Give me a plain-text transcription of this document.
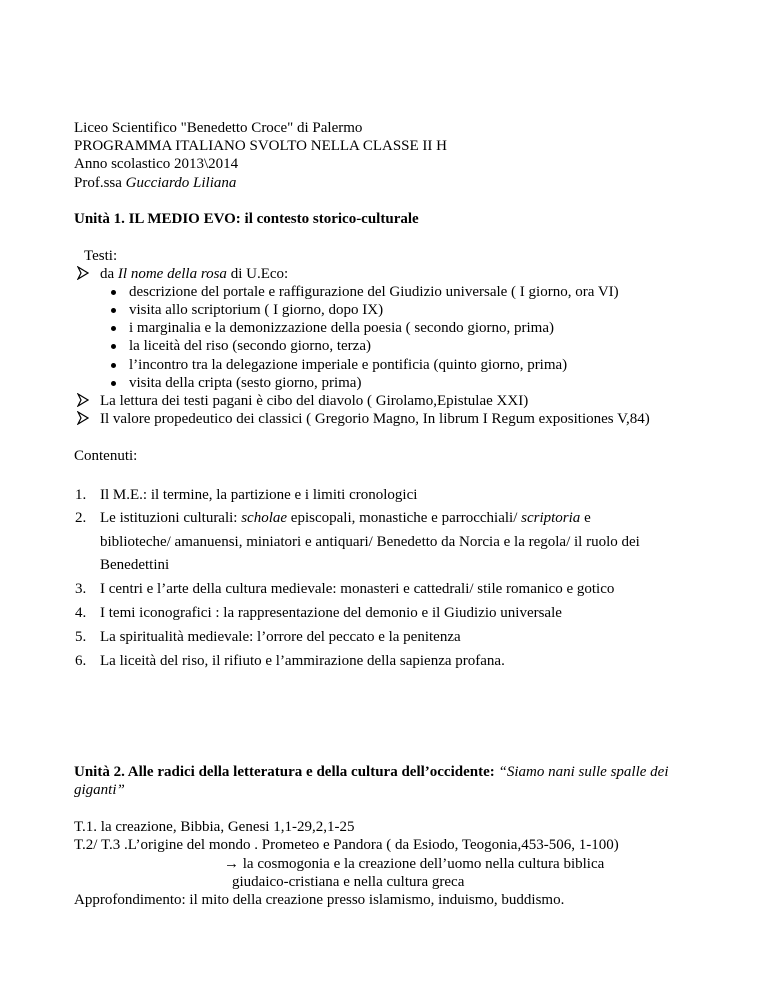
Liceo Scientifico "Benedetto Croce" di Palermo
PROGRAMMA ITALIANO SVOLTO NELLA CLASSE II H
Anno scolastico 2013\2014
Prof.ssa Gucciardo Liliana
Unità 1. IL MEDIO EVO: il contesto storico-culturale
Testi:
da Il nome della rosa di U.Eco:
descrizione del portale e raffigurazione del Giudizio universale ( I giorno, ora VI)
visita allo scriptorium ( I giorno, dopo IX)
i marginalia e la demonizzazione della poesia ( secondo giorno, prima)
la liceità del riso (secondo giorno, terza)
l’incontro tra la delegazione imperiale e pontificia (quinto giorno, prima)
visita della cripta (sesto giorno, prima)
La lettura dei testi pagani è cibo del diavolo ( Girolamo,Epistulae XXI)
Il valore propedeutico dei classici ( Gregorio Magno, In librum I Regum expositiones V,84)
Contenuti:
1. Il M.E.: il termine, la partizione e i limiti cronologici
2. Le istituzioni culturali: scholae episcopali, monastiche e parrocchiali/ scriptoria e
biblioteche/ amanuensi, miniatori e antiquari/ Benedetto da Norcia e la regola/ il ruolo dei
Benedettini
3. I centri e l’arte della cultura medievale: monasteri e cattedrali/ stile romanico e gotico
4. I temi iconografici : la rappresentazione del demonio e il Giudizio universale
5. La spiritualità medievale: l’orrore del peccato e la penitenza
6. La liceità del riso, il rifiuto e l’ammirazione della sapienza profana.
Unità 2. Alle radici della letteratura e della cultura dell’occidente: “Siamo nani sulle spalle dei
giganti”
T.1. la creazione, Bibbia, Genesi 1,1-29,2,1-25
T.2/ T.3 .L’origine del mondo . Prometeo e Pandora ( da Esiodo, Teogonia,453-506, 1-100)
→ la cosmogonia e la creazione dell’uomo nella cultura biblica
giudaico-cristiana e nella cultura greca
Approfondimento: il mito della creazione presso islamismo, induismo, buddismo.
